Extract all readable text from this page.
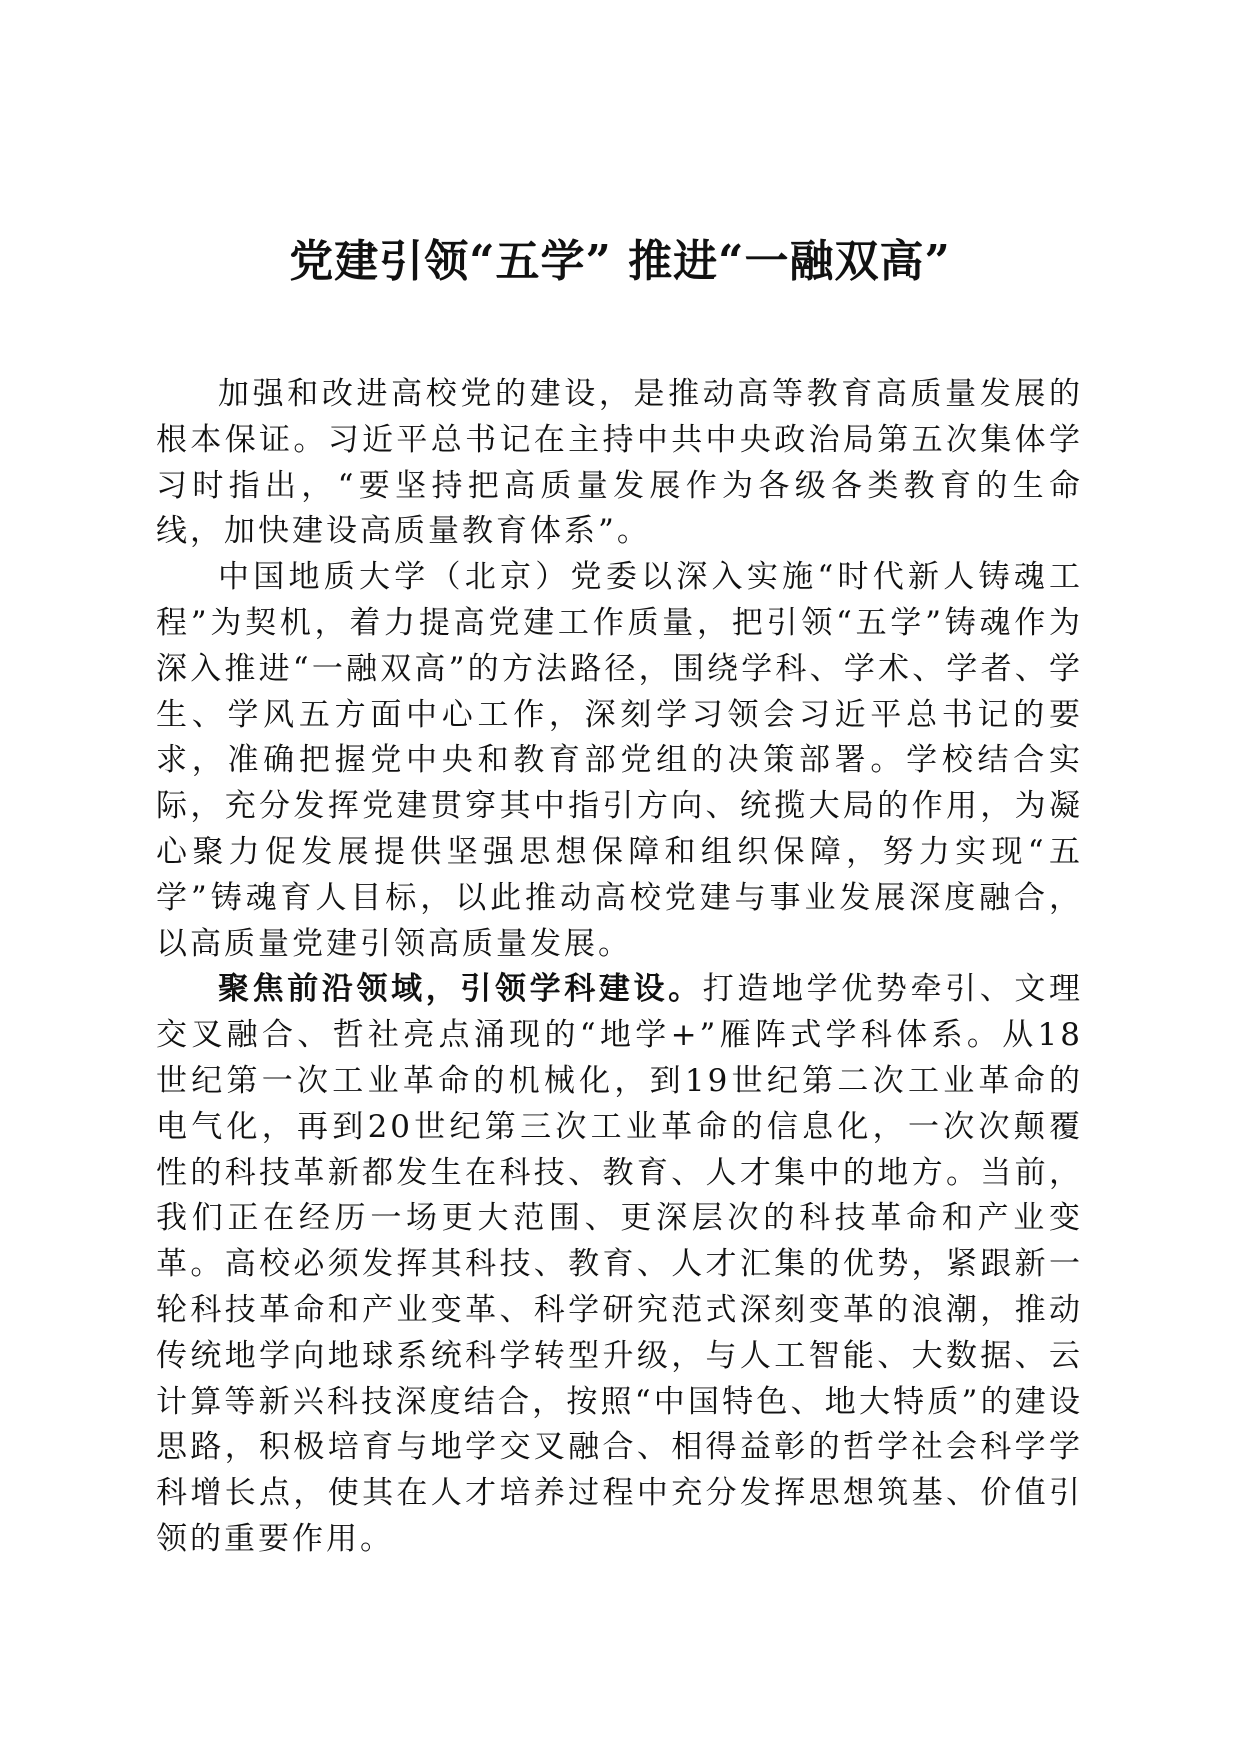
党建引领“五学” 推进“一融双高”

加强和改进高校党的建设，是推动高等教育高质量发展的根本保证。习近平总书记在主持中共中央政治局第五次集体学习时指出，“要坚持把高质量发展作为各级各类教育的生命线，加快建设高质量教育体系”。

中国地质大学（北京）党委以深入实施“时代新人铸魂工程”为契机，着力提高党建工作质量，把引领“五学”铸魂作为深入推进“一融双高”的方法路径，围绕学科、学术、学者、学生、学风五方面中心工作，深刻学习领会习近平总书记的要求，准确把握党中央和教育部党组的决策部署。学校结合实际，充分发挥党建贯穿其中指引方向、统揽大局的作用，为凝心聚力促发展提供坚强思想保障和组织保障，努力实现“五学”铸魂育人目标，以此推动高校党建与事业发展深度融合，以高质量党建引领高质量发展。

聚焦前沿领域，引领学科建设。打造地学优势牵引、文理交叉融合、哲社亮点涌现的“地学+”雁阵式学科体系。从18世纪第一次工业革命的机械化，到19世纪第二次工业革命的电气化，再到20世纪第三次工业革命的信息化，一次次颠覆性的科技革新都发生在科技、教育、人才集中的地方。当前，我们正在经历一场更大范围、更深层次的科技革命和产业变革。高校必须发挥其科技、教育、人才汇集的优势，紧跟新一轮科技革命和产业变革、科学研究范式深刻变革的浪潮，推动传统地学向地球系统科学转型升级，与人工智能、大数据、云计算等新兴科技深度结合，按照“中国特色、地大特质”的建设思路，积极培育与地学交叉融合、相得益彰的哲学社会科学学科增长点，使其在人才培养过程中充分发挥思想筑基、价值引领的重要作用。
